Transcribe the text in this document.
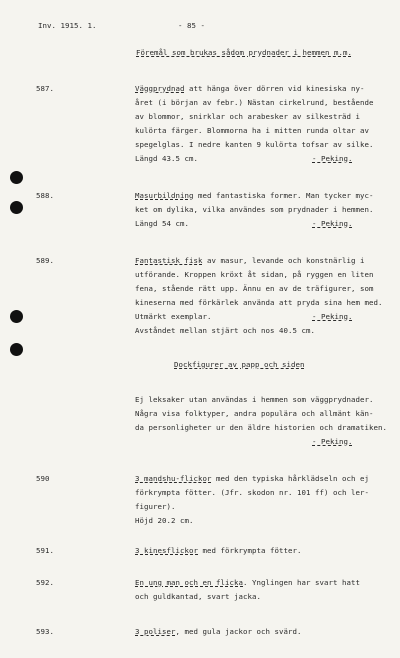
Inv. 1915. 1.	- 85 -
Föremål som brukas sådom prydnader i hemmen m.m.
587.	Väggprydnad att hänga över dörren vid kinesiska ny-
året (i början av febr.) Nästan cirkelrund, bestående
av blommor, snirklar och arabesker av silkesträd i
kulörta färger. Blommorna ha i mitten runda oltar av
spegelglas. I nedre kanten 9 kulörta tofsar av silke.
Längd 43.5 cm.	- Peking.
588.	Masurbildning med fantastiska former. Man tycker myc-
ket om dylika, vilka användes som prydnader i hemmen.
Längd 54 cm.	- Peking.
589.	Fantastisk fisk av masur, levande och konstnärlig i
utförande. Kroppen kröxt åt sidan, på ryggen en liten
fena, stående rätt upp. Ännu en av de träfigurer, som
kineserna med förkärlek använda att pryda sina hem med.
Utmärkt exemplar.	- Peking.
Avståndet mellan stjärt och nos 40.5 cm.
Dockfigurer av papp och siden
Ej leksaker utan användas i hemmen som väggprydnader.
Några visa folktyper, andra populära och allmänt kän-
da personligheter ur den äldre historien och dramatiken.
- Peking.
590	3 mandshu-flickor med den typiska hårklädseln och ej
förkrympta fötter. (Jfr. skodon nr. 101 ff) och ler-
figurer).
Höjd 20.2 cm.
591.	3 kinesflickor med förkrympta fötter.
592.	En ung man och en flicka. Ynglingen har svart hatt
och guldkantad, svart jacka.
593.	3 poliser, med gula jackor och svärd.
